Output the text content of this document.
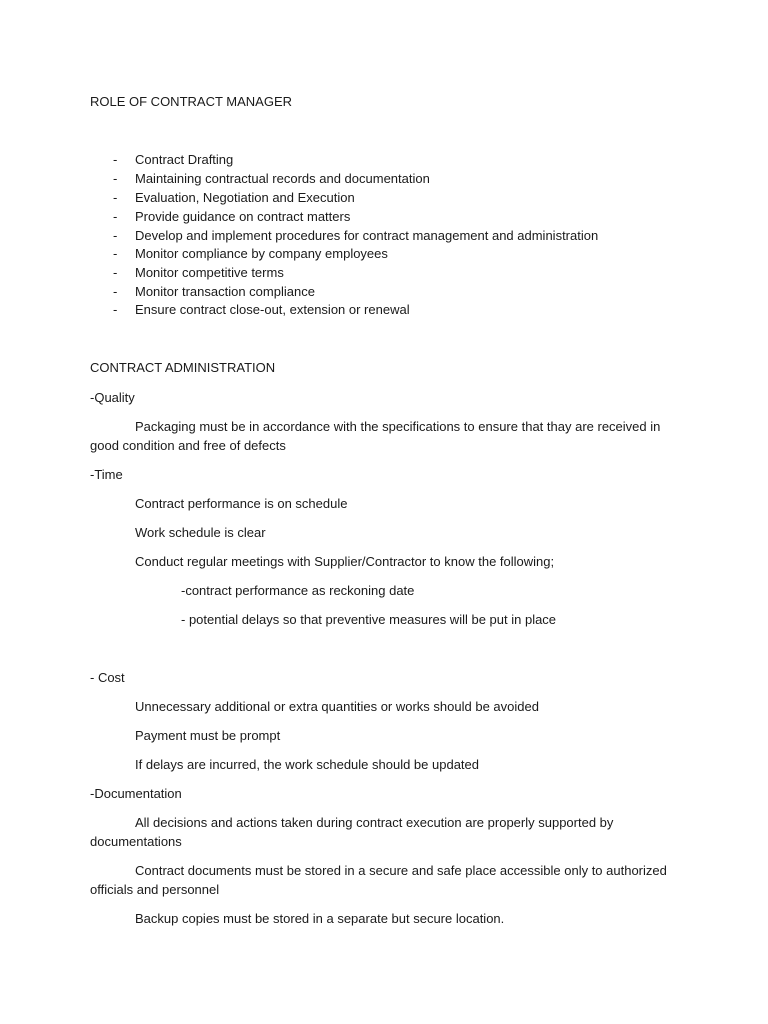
ROLE OF CONTRACT MANAGER
- Contract Drafting
- Maintaining contractual records and documentation
- Evaluation, Negotiation and Execution
- Provide guidance on contract matters
- Develop and implement procedures for contract management and administration
- Monitor compliance by company employees
- Monitor competitive terms
- Monitor transaction compliance
- Ensure contract close-out, extension or renewal
CONTRACT ADMINISTRATION
-Quality
Packaging must be in accordance with the specifications to ensure that thay are received in
good condition and free of defects
-Time
Contract performance is on schedule
Work schedule is clear
Conduct regular meetings with Supplier/Contractor to know the following;
-contract performance as reckoning date
- potential delays so that preventive measures will be put in place
- Cost
Unnecessary additional or extra quantities or works should be avoided
Payment must be prompt
If delays are incurred, the work schedule should be updated
-Documentation
All decisions and actions taken during contract execution are properly supported by
documentations
Contract documents must be stored in a secure and safe place accessible only to authorized
officials and personnel
Backup copies must be stored in a separate but secure location.
